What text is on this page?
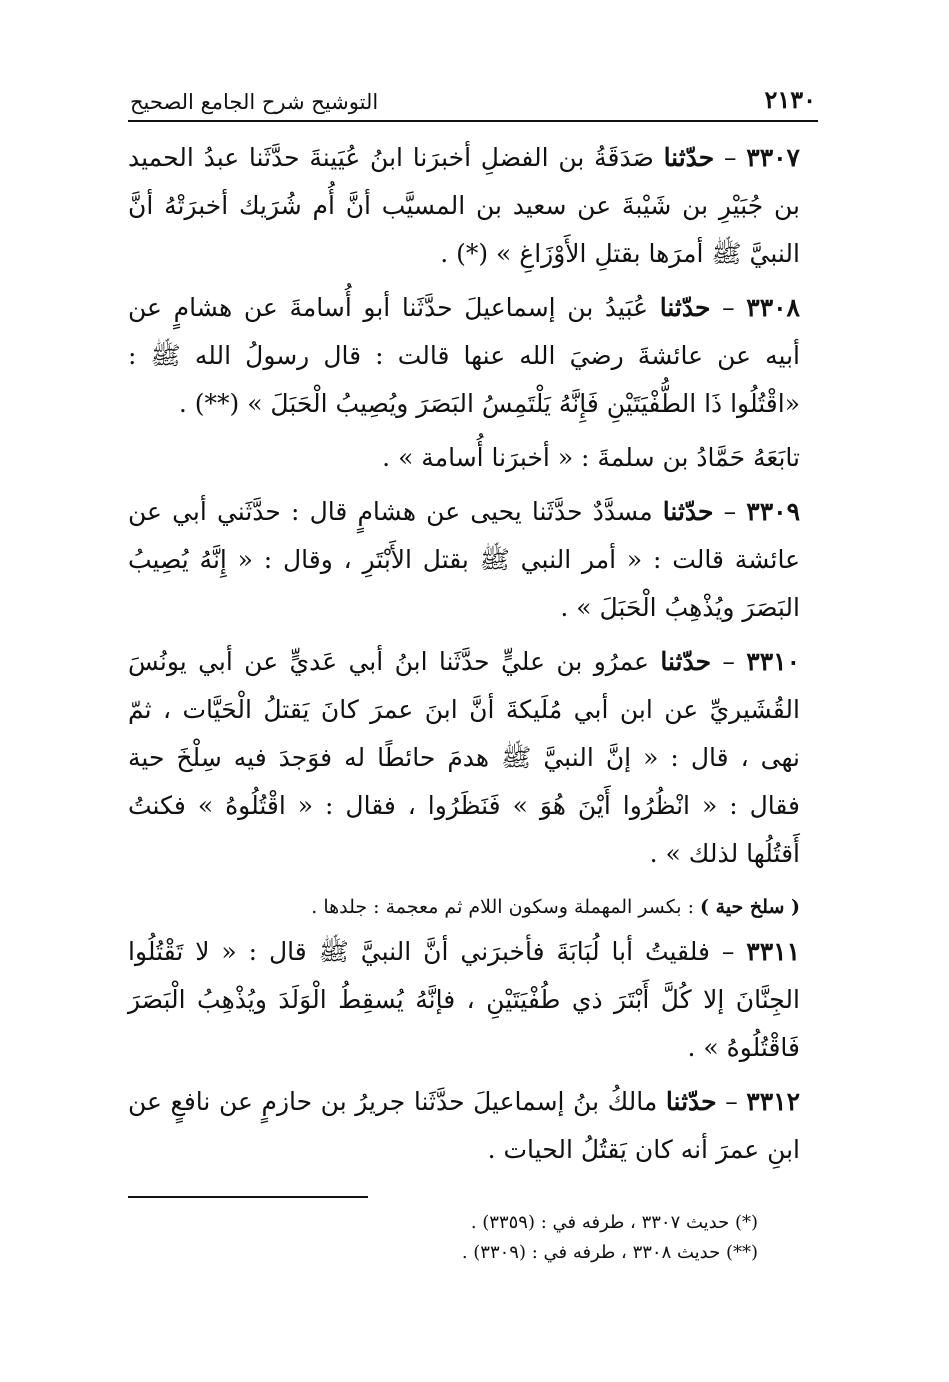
٢١٣٠
التوشيح شرح الجامع الصحيح

٣٣٠٧ – حدّثنا صَدَقَةُ بن الفضلِ أخبرَنا ابنُ عُيَينةَ حدَّثَنا عبدُ الحميد بن جُبَيْرِ بن شَيْبةَ عن سعيد بن المسيَّب أنَّ أُم شُرَيك أخبرَتْهُ أنَّ النبيَّ ﷺ أمرَها بقتلِ الأَوْزَاغِ » (*) .

٣٣٠٨ – حدّثنا عُبَيدُ بن إسماعيلَ حدَّثَنا أبو أُسامةَ عن هشامٍ عن أبيه عن عائشةَ رضيَ الله عنها قالت : قال رسولُ الله ﷺ : «اقْتُلُوا ذَا الطُّفْيَتَيْنِ فَإِنَّهُ يَلْتَمِسُ البَصَرَ ويُصِيبُ الْحَبَلَ » (**) .

تابَعَهُ حَمَّادُ بن سلمةَ : « أخبرَنا أُسامة » .

٣٣٠٩ – حدّثنا مسدَّدٌ حدَّثَنا يحيى عن هشامٍ قال : حدَّثَني أبي عن عائشة قالت : « أمر النبي ﷺ بقتل الأَبْتَرِ ، وقال : « إِنَّهُ يُصِيبُ البَصَرَ ويُذْهِبُ الْحَبَلَ » .

٣٣١٠ – حدّثنا عمرُو بن عليٍّ حدَّثَنا ابنُ أبي عَديٍّ عن أبي يونُسَ القُشَيريِّ عن ابن أبي مُلَيكةَ أنَّ ابنَ عمرَ كانَ يَقتلُ الْحَيَّات ، ثمّ نهى ، قال : « إنَّ النبيَّ ﷺ هدمَ حائطًا له فوَجدَ فيه سِلْخَ حية فقال : « انْظُرُوا أَيْنَ هُوَ » فَنَظَرُوا ، فقال : « اقْتُلُوهُ » فكنتُ أَقتُلُها لذلك » .

( سلخ حية ) : بكسر المهملة وسكون اللام ثم معجمة : جلدها .

٣٣١١ – فلقيتُ أبا لُبَابَةَ فأخبرَني أنَّ النبيَّ ﷺ قال : « لا تَقْتُلُوا الجِنَّانَ إلا كُلَّ أَبْتَرَ ذي طُفْيَتَيْنِ ، فإنَّهُ يُسقِطُ الْوَلَدَ ويُذْهِبُ الْبَصَرَ فَاقْتُلُوهُ » .

٣٣١٢ – حدّثنا مالكُ بنُ إسماعيلَ حدَّثَنا جريرُ بن حازمٍ عن نافعٍ عن ابنِ عمرَ أنه كان يَقتُلُ الحيات .

(*) حديث ٣٣٠٧ ، طرفه في : (٣٣٥٩) .
(**) حديث ٣٣٠٨ ، طرفه في : (٣٣٠٩) .
